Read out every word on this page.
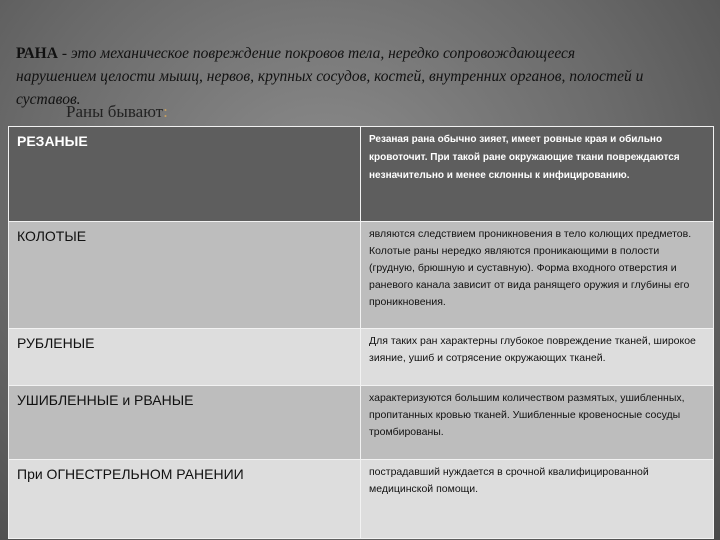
РАНА - это механическое повреждение покровов тела, нередко сопровождающееся нарушением целости мышц, нервов, крупных сосудов, костей, внутренних органов, полостей и суставов.

Раны бывают:
РЕЗАНЫЕ	Резаная рана обычно зияет, имеет ровные края и обильно кровоточит. При такой ране окружающие ткани повреждаются незначительно и менее склонны к инфицированию.

КОЛОТЫЕ	являются следствием проникновения в тело колющих предметов. Колотые раны нередко являются проникающими в полости (грудную, брюшную и суставную). Форма входного отверстия и раневого канала зависит от вида ранящего оружия и глубины его проникновения.

РУБЛЕНЫЕ	Для таких ран характерны глубокое повреждение тканей, широкое зияние, ушиб и сотрясение окружающих тканей.

УШИБЛЕННЫЕ и РВАНЫЕ	характеризуются большим количеством размятых, ушибленных, пропитанных кровью тканей. Ушибленные кровеносные сосуды тромбированы.

При ОГНЕСТРЕЛЬНОМ РАНЕНИИ	пострадавший нуждается в срочной квалифицированной медицинской помощи.
